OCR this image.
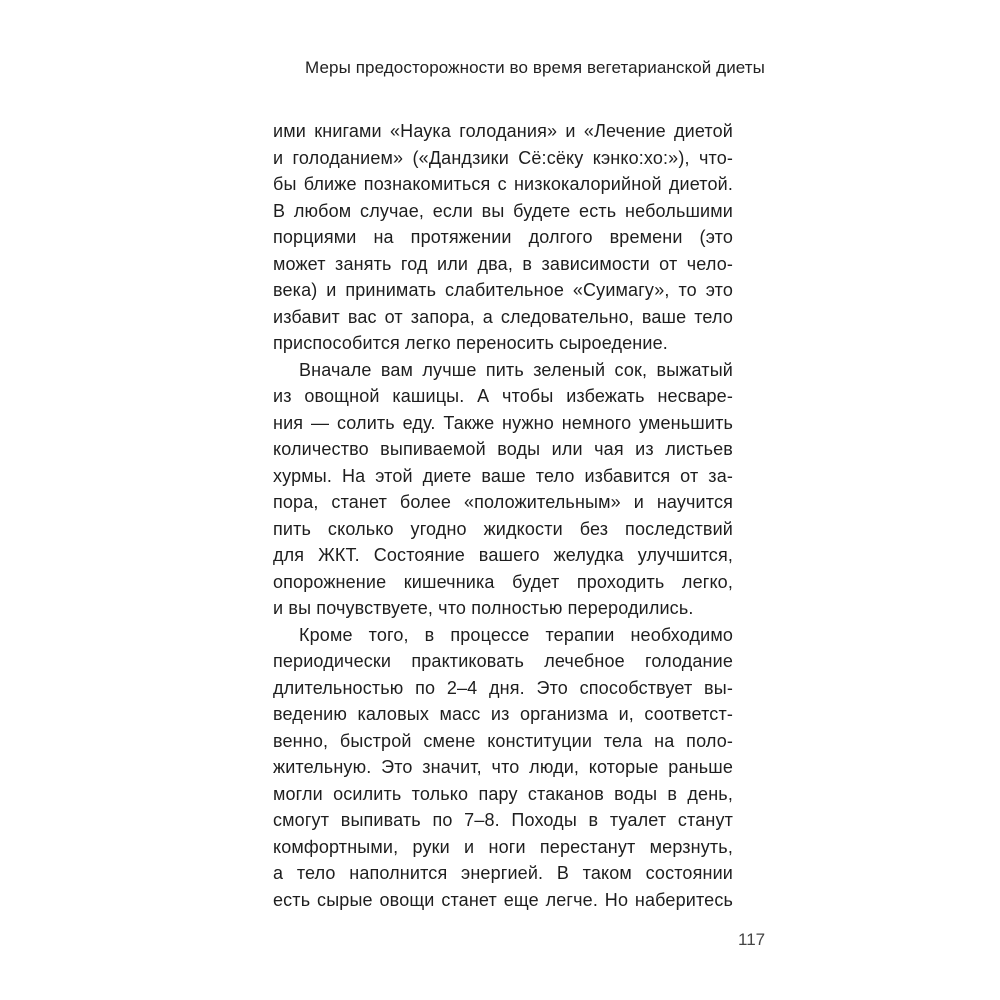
Меры предосторожности во время вегетарианской диеты
ими книгами «Наука голодания» и «Лечение диетой
и голоданием» («Дандзики Сё:сёку кэнко:хо:»), что-
бы ближе познакомиться с низкокалорийной диетой.
В любом случае, если вы будете есть небольшими
порциями на протяжении долгого времени (это
может занять год или два, в зависимости от чело-
века) и принимать слабительное «Суимагу», то это
избавит вас от запора, а следовательно, ваше тело
приспособится легко переносить сыроедение.
Вначале вам лучше пить зеленый сок, выжатый
из овощной кашицы. А чтобы избежать несваре-
ния — солить еду. Также нужно немного уменьшить
количество выпиваемой воды или чая из листьев
хурмы. На этой диете ваше тело избавится от за-
пора, станет более «положительным» и научится
пить сколько угодно жидкости без последствий
для ЖКТ. Состояние вашего желудка улучшится,
опорожнение кишечника будет проходить легко,
и вы почувствуете, что полностью переродились.
Кроме того, в процессе терапии необходимо
периодически практиковать лечебное голодание
длительностью по 2–4 дня. Это способствует вы-
ведению каловых масс из организма и, соответст-
венно, быстрой смене конституции тела на поло-
жительную. Это значит, что люди, которые раньше
могли осилить только пару стаканов воды в день,
смогут выпивать по 7–8. Походы в туалет станут
комфортными, руки и ноги перестанут мерзнуть,
а тело наполнится энергией. В таком состоянии
есть сырые овощи станет еще легче. Но наберитесь
117
